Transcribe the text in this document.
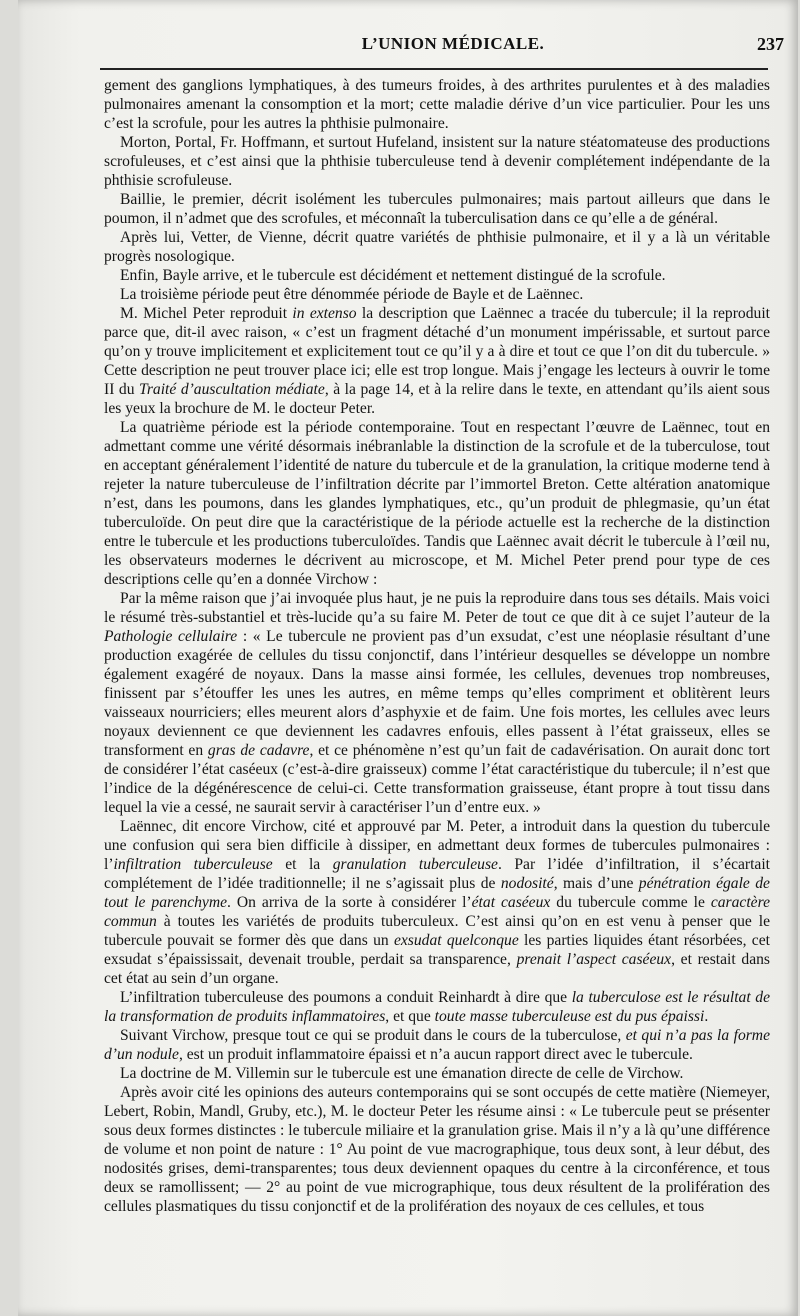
L’UNION MÉDICALE.	237

gement des ganglions lymphatiques, à des tumeurs froides, à des arthrites purulentes et à des maladies pulmonaires amenant la consomption et la mort; cette maladie dérive d’un vice particulier. Pour les uns c’est la scrofule, pour les autres la phthisie pulmonaire.

Morton, Portal, Fr. Hoffmann, et surtout Hufeland, insistent sur la nature stéatomateuse des productions scrofuleuses, et c’est ainsi que la phthisie tuberculeuse tend à devenir complétement indépendante de la phthisie scrofuleuse.

Baillie, le premier, décrit isolément les tubercules pulmonaires; mais partout ailleurs que dans le poumon, il n’admet que des scrofules, et méconnaît la tuberculisation dans ce qu’elle a de général.

Après lui, Vetter, de Vienne, décrit quatre variétés de phthisie pulmonaire, et il y a là un véritable progrès nosologique.

Enfin, Bayle arrive, et le tubercule est décidément et nettement distingué de la scrofule.

La troisième période peut être dénommée période de Bayle et de Laënnec.

M. Michel Peter reproduit in extenso la description que Laënnec a tracée du tubercule; il la reproduit parce que, dit-il avec raison, « c’est un fragment détaché d’un monument impérissable, et surtout parce qu’on y trouve implicitement et explicitement tout ce qu’il y a à dire et tout ce que l’on dit du tubercule. » Cette description ne peut trouver place ici; elle est trop longue. Mais j’engage les lecteurs à ouvrir le tome II du Traité d’auscultation médiate, à la page 14, et à la relire dans le texte, en attendant qu’ils aient sous les yeux la brochure de M. le docteur Peter.

La quatrième période est la période contemporaine. Tout en respectant l’œuvre de Laënnec, tout en admettant comme une vérité désormais inébranlable la distinction de la scrofule et de la tuberculose, tout en acceptant généralement l’identité de nature du tubercule et de la granulation, la critique moderne tend à rejeter la nature tuberculeuse de l’infiltration décrite par l’immortel Breton. Cette altération anatomique n’est, dans les poumons, dans les glandes lymphatiques, etc., qu’un produit de phlegmasie, qu’un état tuberculoïde. On peut dire que la caractéristique de la période actuelle est la recherche de la distinction entre le tubercule et les productions tuberculoïdes. Tandis que Laënnec avait décrit le tubercule à l’œil nu, les observateurs modernes le décrivent au microscope, et M. Michel Peter prend pour type de ces descriptions celle qu’en a donnée Virchow :

Par la même raison que j’ai invoquée plus haut, je ne puis la reproduire dans tous ses détails. Mais voici le résumé très-substantiel et très-lucide qu’a su faire M. Peter de tout ce que dit à ce sujet l’auteur de la Pathologie cellulaire : « Le tubercule ne provient pas d’un exsudat, c’est une néoplasie résultant d’une production exagérée de cellules du tissu conjonctif, dans l’intérieur desquelles se développe un nombre également exagéré de noyaux. Dans la masse ainsi formée, les cellules, devenues trop nombreuses, finissent par s’étouffer les unes les autres, en même temps qu’elles compriment et oblitèrent leurs vaisseaux nourriciers; elles meurent alors d’asphyxie et de faim. Une fois mortes, les cellules avec leurs noyaux deviennent ce que deviennent les cadavres enfouis, elles passent à l’état graisseux, elles se transforment en gras de cadavre, et ce phénomène n’est qu’un fait de cadavérisation. On aurait donc tort de considérer l’état caséeux (c’est-à-dire graisseux) comme l’état caractéristique du tubercule; il n’est que l’indice de la dégénérescence de celui-ci. Cette transformation graisseuse, étant propre à tout tissu dans lequel la vie a cessé, ne saurait servir à caractériser l’un d’entre eux. »

Laënnec, dit encore Virchow, cité et approuvé par M. Peter, a introduit dans la question du tubercule une confusion qui sera bien difficile à dissiper, en admettant deux formes de tubercules pulmonaires : l’infiltration tuberculeuse et la granulation tuberculeuse. Par l’idée d’infiltration, il s’écartait complétement de l’idée traditionnelle; il ne s’agissait plus de nodosité, mais d’une pénétration égale de tout le parenchyme. On arriva de la sorte à considérer l’état caséeux du tubercule comme le caractère commun à toutes les variétés de produits tuberculeux. C’est ainsi qu’on en est venu à penser que le tubercule pouvait se former dès que dans un exsudat quelconque les parties liquides étant résorbées, cet exsudat s’épaississait, devenait trouble, perdait sa transparence, prenait l’aspect caséeux, et restait dans cet état au sein d’un organe.

L’infiltration tuberculeuse des poumons a conduit Reinhardt à dire que la tuberculose est le résultat de la transformation de produits inflammatoires, et que toute masse tuberculeuse est du pus épaissi.

Suivant Virchow, presque tout ce qui se produit dans le cours de la tuberculose, et qui n’a pas la forme d’un nodule, est un produit inflammatoire épaissi et n’a aucun rapport direct avec le tubercule.

La doctrine de M. Villemin sur le tubercule est une émanation directe de celle de Virchow.

Après avoir cité les opinions des auteurs contemporains qui se sont occupés de cette matière (Niemeyer, Lebert, Robin, Mandl, Gruby, etc.), M. le docteur Peter les résume ainsi : « Le tubercule peut se présenter sous deux formes distinctes : le tubercule miliaire et la granulation grise. Mais il n’y a là qu’une différence de volume et non point de nature : 1° Au point de vue macrographique, tous deux sont, à leur début, des nodosités grises, demi-transparentes; tous deux deviennent opaques du centre à la circonférence, et tous deux se ramollissent; — 2° au point de vue micrographique, tous deux résultent de la prolifération des cellules plasmatiques du tissu conjonctif et de la prolifération des noyaux de ces cellules, et tous
